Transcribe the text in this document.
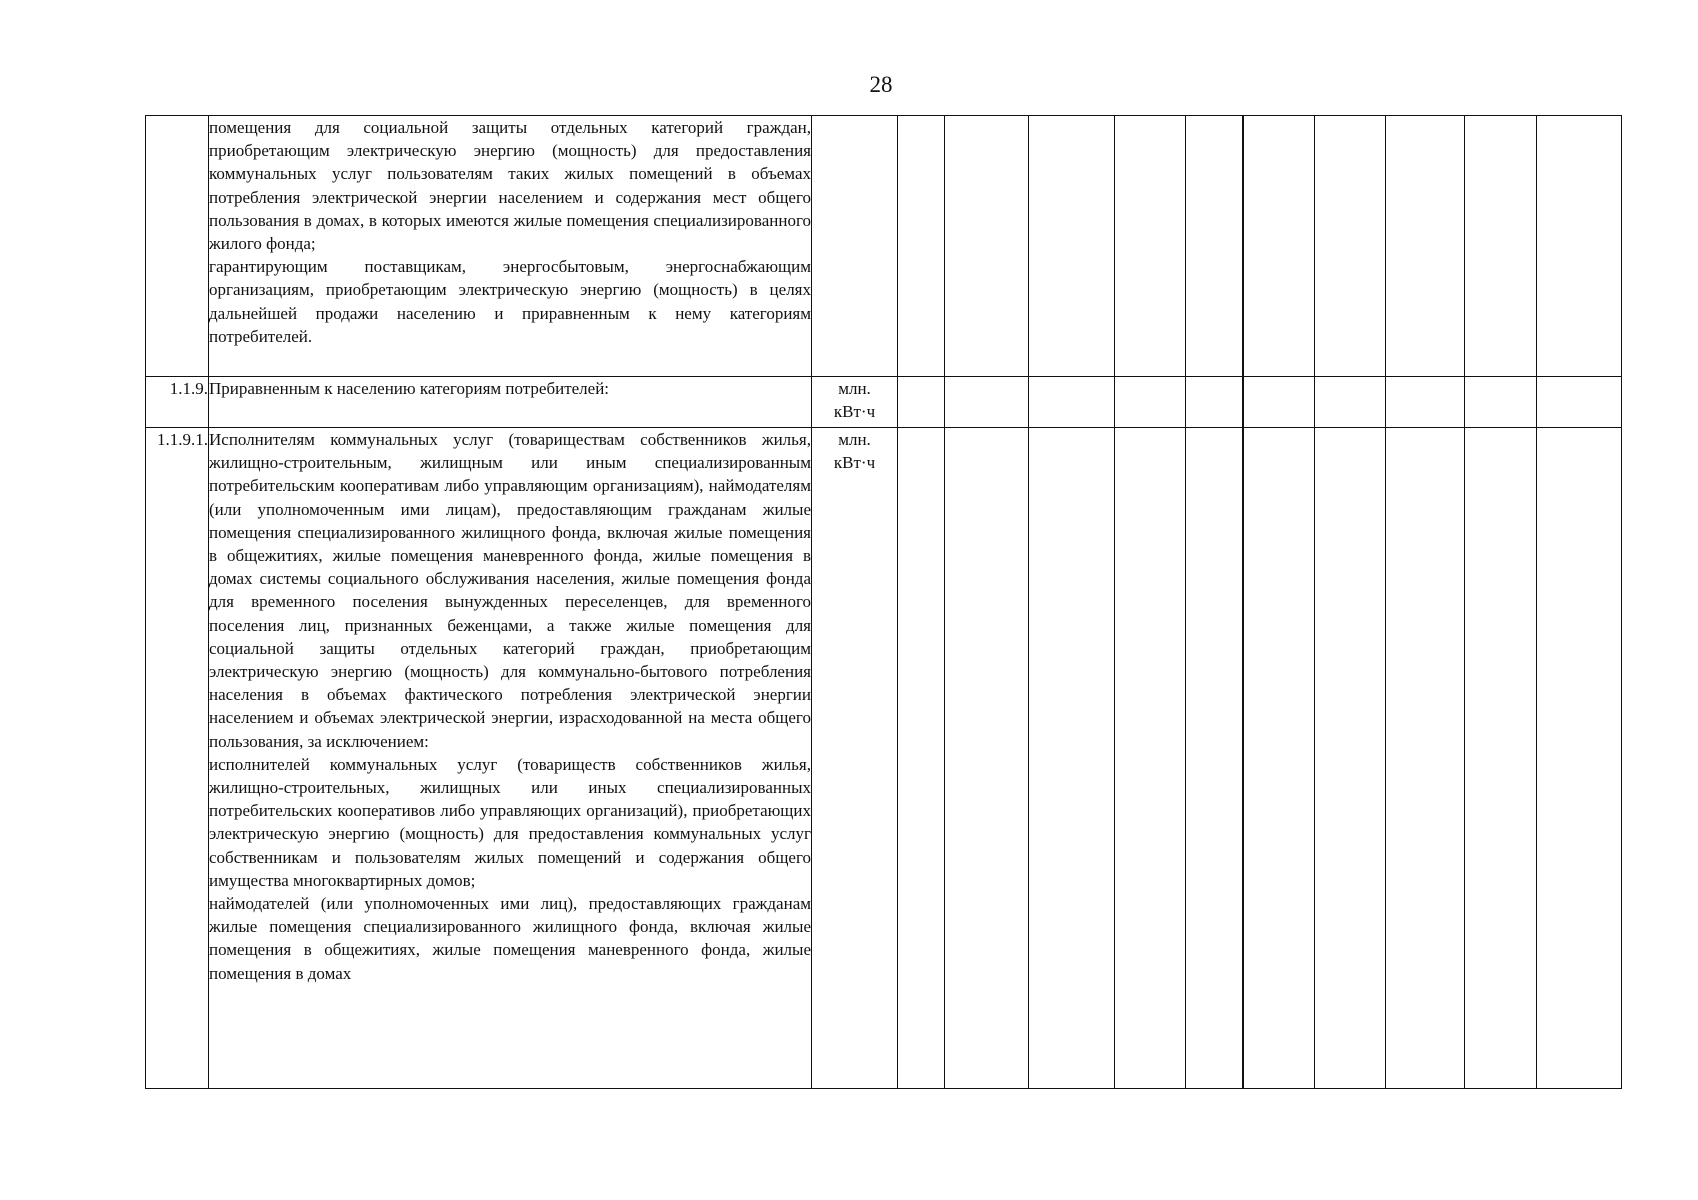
28

	помещения для социальной защиты отдельных категорий граждан, приобретающим электрическую энергию (мощность) для предоставления коммунальных услуг пользователям таких жилых помещений в объемах потребления электрической энергии населением и содержания мест общего пользования в домах, в которых имеются жилые помещения специализированного жилого фонда;
гарантирующим поставщикам, энергосбытовым, энергоснабжающим организациям, приобретающим электрическую энергию (мощность) в целях дальнейшей продажи населению и приравненным к нему категориям потребителей.											

1.1.9.	Приравненным к населению категориям потребителей:	млн.
кВт·ч										

1.1.9.1.	Исполнителям коммунальных услуг (товариществам собственников жилья, жилищно-строительным, жилищным или иным специализированным потребительским кооперативам либо управляющим организациям), наймодателям (или уполномоченным ими лицам), предоставляющим гражданам жилые помещения специализированного жилищного фонда, включая жилые помещения в общежитиях, жилые помещения маневренного фонда, жилые помещения в домах системы социального обслуживания населения, жилые помещения фонда для временного поселения вынужденных переселенцев, для временного поселения лиц, признанных беженцами, а также жилые помещения для социальной защиты отдельных категорий граждан, приобретающим электрическую энергию (мощность) для коммунально-бытового потребления населения в объемах фактического потребления электрической энергии населением и объемах электрической энергии, израсходованной на места общего пользования, за исключением:
исполнителей коммунальных услуг (товариществ собственников жилья, жилищно-строительных, жилищных или иных специализированных потребительских кооперативов либо управляющих организаций), приобретающих электрическую энергию (мощность) для предоставления коммунальных услуг собственникам и пользователям жилых помещений и содержания общего имущества многоквартирных домов;
наймодателей (или уполномоченных ими лиц), предоставляющих гражданам жилые помещения специализированного жилищного фонда, включая жилые помещения в общежитиях, жилые помещения маневренного фонда, жилые помещения в домах	млн.
кВт·ч										
